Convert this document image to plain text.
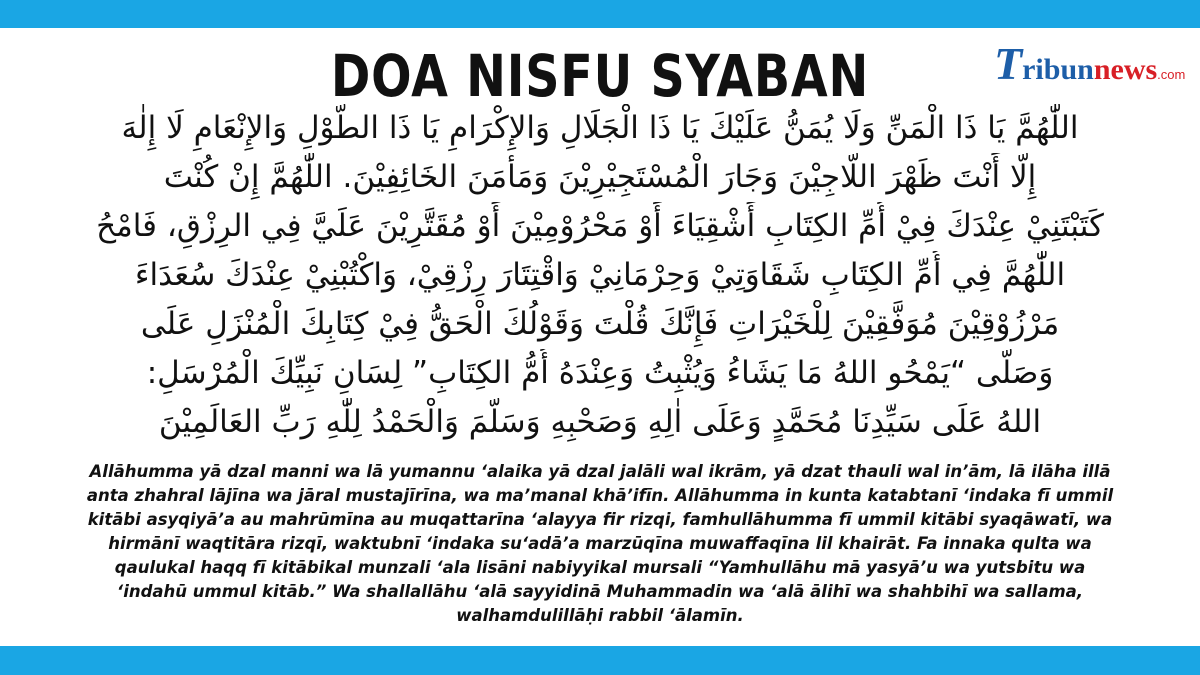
DOA NISFU SYABAN	Tribunnews.com
اللّٰهُمَّ يَا ذَا الْمَنِّ وَلَا يُمَنُّ عَلَيْكَ يَا ذَا الْجَلَالِ وَالإِكْرَامِ يَا ذَا الطَّوْلِ وَالإِنْعَامِ لَا إِلٰهَ
إِلَّا أَنْتَ ظَهْرَ اللَّاجِيْنَ وَجَارَ الْمُسْتَجِيْرِيْنَ وَمَأْمَنَ الخَائِفِيْنَ. اللّٰهُمَّ إِنْ كُنْتَ
كَتَبْتَنِيْ عِنْدَكَ فِيْ أُمِّ الكِتَابِ أَشْقِيَاءَ أَوْ مَحْرُوْمِيْنَ أَوْ مُقَتَّرِيْنَ عَلَيَّ فِي الرِزْقِ، فَامْحُ
اللّٰهُمَّ فِي أُمِّ الكِتَابِ شَقَاوَتِيْ وَحِرْمَانِيْ وَاقْتِتَارَ رِزْقِيْ، وَاكْتُبْنِيْ عِنْدَكَ سُعَدَاءَ
مَرْزُوْقِيْنَ مُوَفَّقِيْنَ لِلْخَيْرَاتِ فَإِنَّكَ قُلْتَ وَقَوْلُكَ الْحَقُّ فِيْ كِتَابِكَ الْمُنْزَلِ عَلَى
وَصَلَّى “يَمْحُو اللهُ مَا يَشَاءُ وَيُثْبِتُ وَعِنْدَهُ أُمُّ الكِتَابِ” لِسَانِ نَبِيِّكَ الْمُرْسَلِ:
اللهُ عَلَى سَيِّدِنَا مُحَمَّدٍ وَعَلَى اٰلِهِ وَصَحْبِهِ وَسَلَّمَ وَالْحَمْدُ لِلّٰهِ رَبِّ العَالَمِيْنَ
Allāhumma yā dzal manni wa lā yumannu ‘alaika yā dzal jalāli wal ikrām, yā dzat thauli wal in’ām, lā ilāha illā
anta zhahral lājīna wa jāral mustajīrīna, wa ma’manal khā’ifīn. Allāhumma in kunta katabtanī ‘indaka fī ummil
kitābi asyqiyā’a au mahrūmīna au muqattarīna ‘alayya fir rizqi, famhullāhumma fī ummil kitābi syaqāwatī, wa
hirmānī waqtitāra rizqī, waktubnī ‘indaka su‘adā’a marzūqīna muwaffaqīna lil khairāt. Fa innaka qulta wa
qaulukal haqq fī kitābikal munzali ‘ala lisāni nabiyyikal mursali “Yamhullāhu mā yasyā’u wa yutsbitu wa
‘indahū ummul kitāb.” Wa shallallāhu ‘alā sayyidinā Muhammadin wa ‘alā ālihī wa shahbihī wa sallama,
walhamdulillāḥi rabbil ‘ālamīn.
